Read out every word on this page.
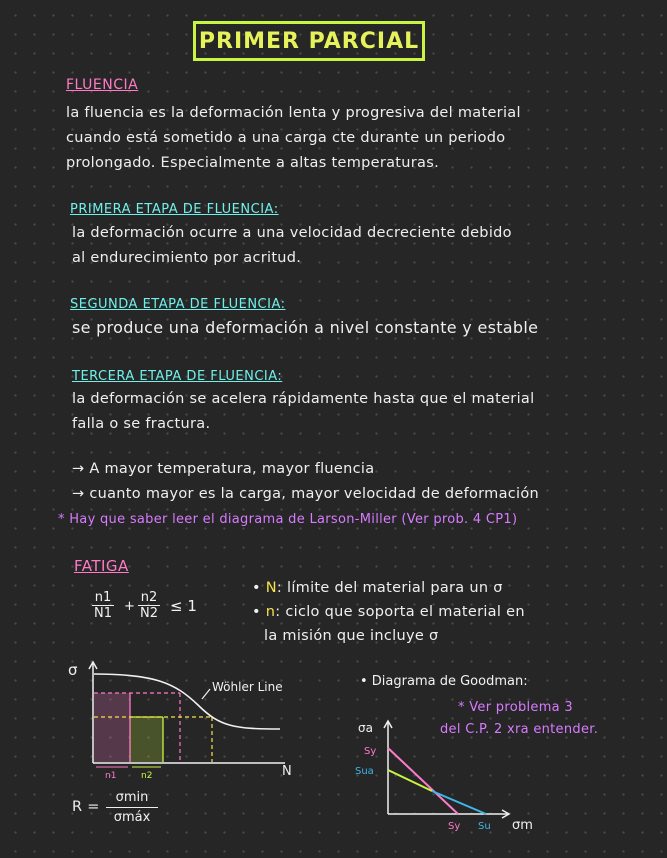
PRIMER PARCIAL
FLUENCIA
la fluencia es la deformación lenta y progresiva del material
cuando está sometido a una carga cte durante un periodo
prolongado. Especialmente a altas temperaturas.
PRIMERA ETAPA DE FLUENCIA:
la deformación ocurre a una velocidad decreciente debido
al endurecimiento por acritud.
SEGUNDA ETAPA DE FLUENCIA:
se produce una deformación a nivel constante y estable
TERCERA ETAPA DE FLUENCIA:
la deformación se acelera rápidamente hasta que el material
falla o se fractura.
→ A mayor temperatura, mayor fluencia
→ cuanto mayor es la carga, mayor velocidad de deformación
* Hay que saber leer el diagrama de Larson-Miller (Ver prob. 4 CP1)
FATIGA
n1
N1 +
n2
N2 ≤ 1
• N: límite del material para un σ
• n: ciclo que soporta el material en
la misión que incluye σ
Wöhler Line
σ
N
n1	n2
R =
σmin
σmáx
• Diagrama de Goodman:
* Ver problema 3
del C.P. 2 xra entender.
σa
Sy
Sua
Sy Su σm
